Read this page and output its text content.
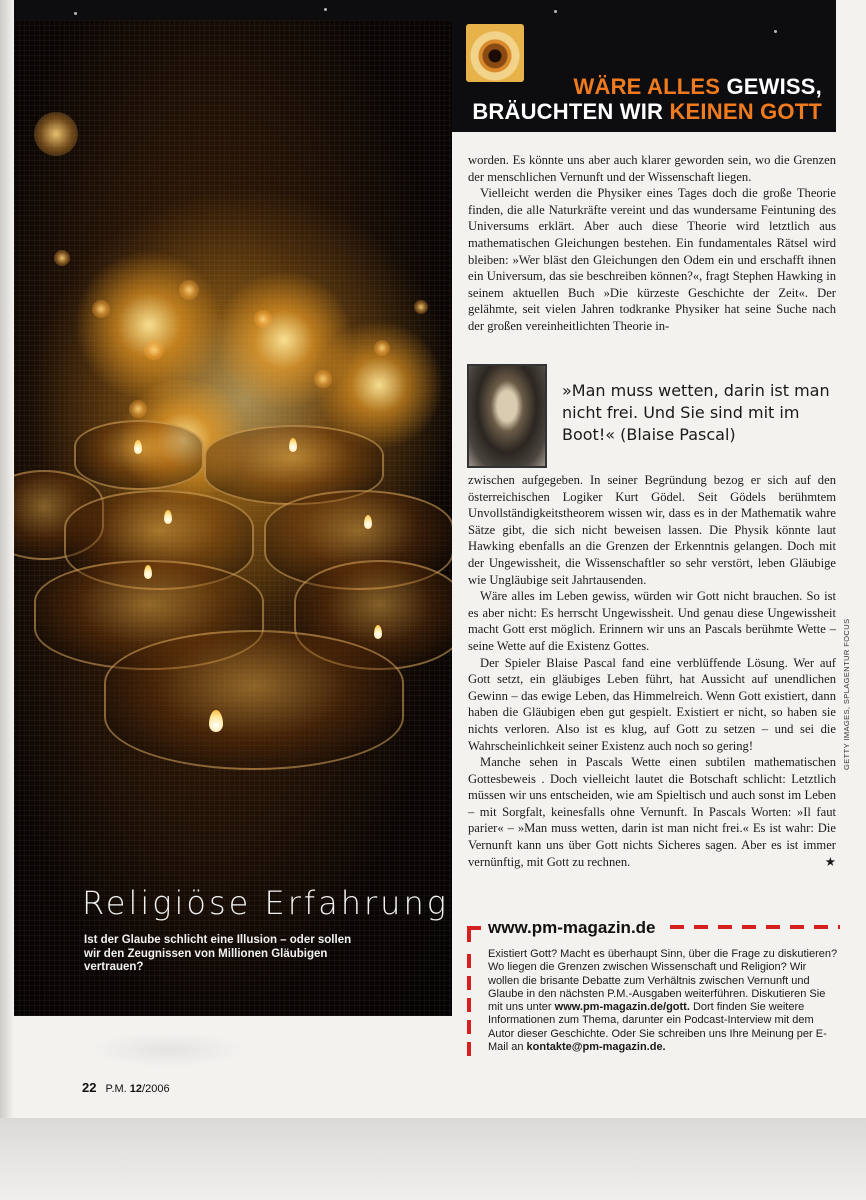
Religiöse Erfahrung
Ist der Glaube schlicht eine Illusion – oder sollen wir den Zeugnissen von Millionen Gläubigen vertrauen?
WÄRE ALLES GEWISS,
BRÄUCHTEN WIR KEINEN GOTT

worden. Es könnte uns aber auch klarer geworden sein, wo die Grenzen der menschlichen Vernunft und der Wissenschaft liegen.

Vielleicht werden die Physiker eines Tages doch die große Theorie finden, die alle Naturkräfte vereint und das wundersame Feintuning des Universums erklärt. Aber auch diese Theorie wird letztlich aus mathematischen Gleichungen bestehen. Ein fundamentales Rätsel wird bleiben: »Wer bläst den Gleichungen den Odem ein und erschafft ihnen ein Universum, das sie beschreiben können?«, fragt Stephen Hawking in seinem aktuellen Buch »Die kürzeste Geschichte der Zeit«. Der gelähmte, seit vielen Jahren todkranke Physiker hat seine Suche nach der großen vereinheitlichten Theorie in-

»Man muss wetten, darin ist man nicht frei. Und Sie sind mit im Boot!« (Blaise Pascal)

zwischen aufgegeben. In seiner Begründung bezog er sich auf den österreichischen Logiker Kurt Gödel. Seit Gödels berühmtem Unvollständigkeitstheorem wissen wir, dass es in der Mathematik wahre Sätze gibt, die sich nicht beweisen lassen. Die Physik könnte laut Hawking ebenfalls an die Grenzen der Erkenntnis gelangen. Doch mit der Ungewissheit, die Wissenschaftler so sehr verstört, leben Gläubige wie Ungläubige seit Jahrtausenden.

Wäre alles im Leben gewiss, würden wir Gott nicht brauchen. So ist es aber nicht: Es herrscht Ungewissheit. Und genau diese Ungewissheit macht Gott erst möglich. Erinnern wir uns an Pascals berühmte Wette – seine Wette auf die Existenz Gottes.

Der Spieler Blaise Pascal fand eine verblüffende Lösung. Wer auf Gott setzt, ein gläubiges Leben führt, hat Aussicht auf unendlichen Gewinn – das ewige Leben, das Himmelreich. Wenn Gott existiert, dann haben die Gläubigen eben gut gespielt. Existiert er nicht, so haben sie nichts verloren. Also ist es klug, auf Gott zu setzen – und sei die Wahrscheinlichkeit seiner Existenz auch noch so gering!

Manche sehen in Pascals Wette einen subtilen mathematischen Gottesbeweis . Doch vielleicht lautet die Botschaft schlicht: Letztlich müssen wir uns entscheiden, wie am Spieltisch und auch sonst im Leben – mit Sorgfalt, keinesfalls ohne Vernunft. In Pascals Worten: »Il faut parier« – »Man muss wetten, darin ist man nicht frei.« Es ist wahr: Die Vernunft kann uns über Gott nichts Sicheres sagen. Aber es ist immer vernünftig, mit Gott zu rechnen.	★

GETTY IMAGES, SPLAGENTUR FOCUS
www.pm-magazin.de
Existiert Gott? Macht es überhaupt Sinn, über die Frage zu diskutieren? Wo liegen die Grenzen zwischen Wissenschaft und Religion? Wir wollen die brisante Debatte zum Verhältnis zwischen Vernunft und Glaube in den nächsten P.M.-Ausgaben weiterführen. Diskutieren Sie mit uns unter www.pm-magazin.de/gott. Dort finden Sie weitere Informationen zum Thema, darunter ein Podcast-Interview mit dem Autor dieser Geschichte. Oder Sie schreiben uns Ihre Meinung per E-Mail an kontakte@pm-magazin.de.
22 P.M. 12/2006
